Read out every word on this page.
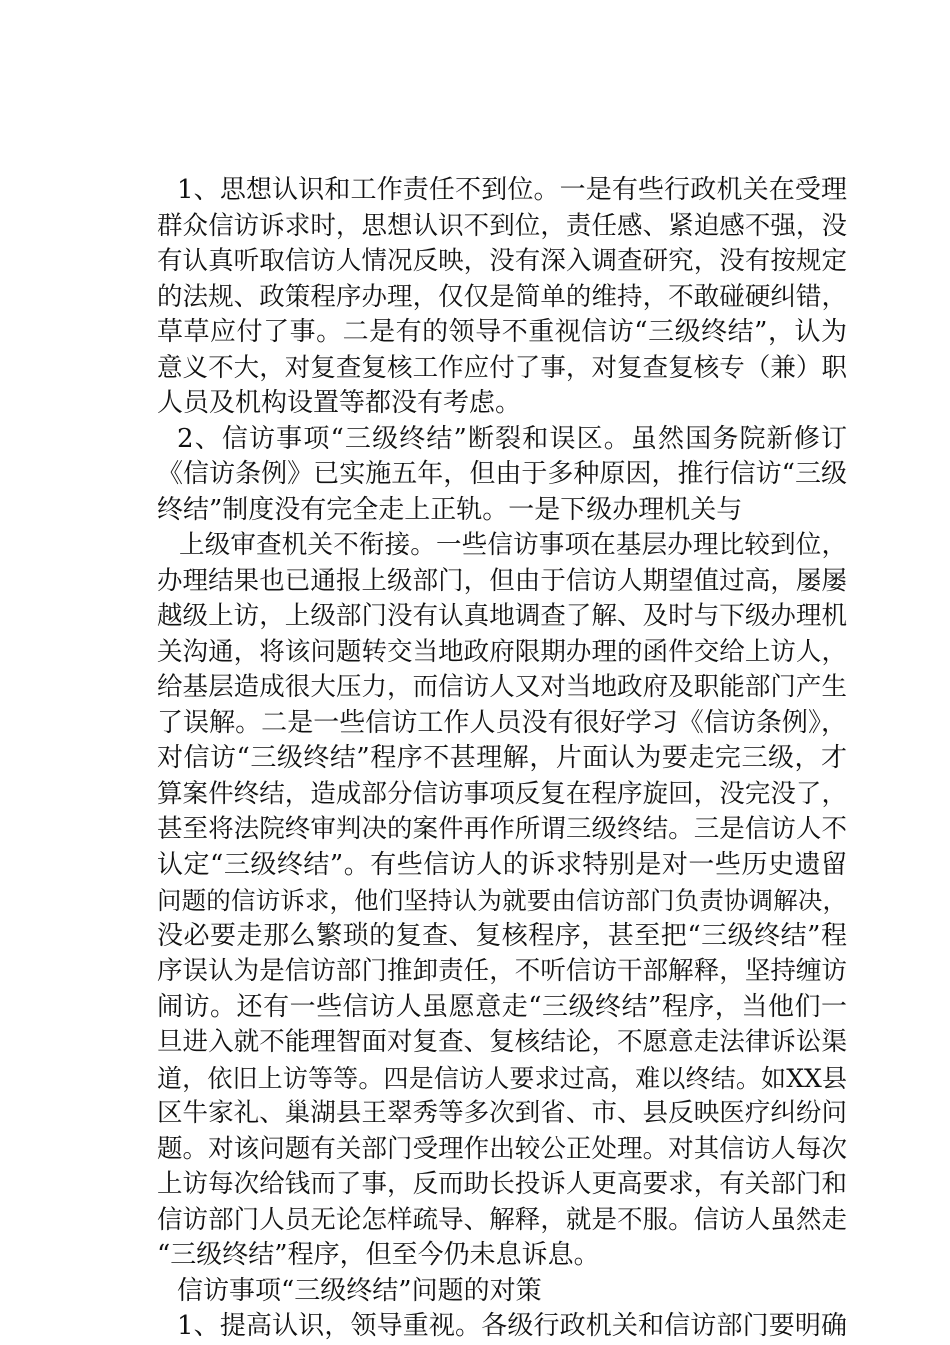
1、思想认识和工作责任不到位。一是有些行政机关在受理
群众信访诉求时，思想认识不到位，责任感、紧迫感不强，没
有认真听取信访人情况反映，没有深入调查研究，没有按规定
的法规、政策程序办理，仅仅是简单的维持，不敢碰硬纠错，
草草应付了事。二是有的领导不重视信访“三级终结”，认为
意义不大，对复查复核工作应付了事，对复查复核专（兼）职
人员及机构设置等都没有考虑。
2、信访事项“三级终结”断裂和误区。虽然国务院新修订
《信访条例》已实施五年，但由于多种原因，推行信访“三级
终结”制度没有完全走上正轨。一是下级办理机关与
上级审查机关不衔接。一些信访事项在基层办理比较到位，
办理结果也已通报上级部门，但由于信访人期望值过高，屡屡
越级上访，上级部门没有认真地调查了解、及时与下级办理机
关沟通，将该问题转交当地政府限期办理的函件交给上访人，
给基层造成很大压力，而信访人又对当地政府及职能部门产生
了误解。二是一些信访工作人员没有很好学习《信访条例》，
对信访“三级终结”程序不甚理解，片面认为要走完三级，才
算案件终结，造成部分信访事项反复在程序旋回，没完没了，
甚至将法院终审判决的案件再作所谓三级终结。三是信访人不
认定“三级终结”。有些信访人的诉求特别是对一些历史遗留
问题的信访诉求，他们坚持认为就要由信访部门负责协调解决，
没必要走那么繁琐的复查、复核程序，甚至把“三级终结”程
序误认为是信访部门推卸责任，不听信访干部解释，坚持缠访
闹访。还有一些信访人虽愿意走“三级终结”程序，当他们一
旦进入就不能理智面对复查、复核结论，不愿意走法律诉讼渠
道，依旧上访等等。四是信访人要求过高，难以终结。如XX县
区牛家礼、巢湖县王翠秀等多次到省、市、县反映医疗纠纷问
题。对该问题有关部门受理作出较公正处理。对其信访人每次
上访每次给钱而了事，反而助长投诉人更高要求，有关部门和
信访部门人员无论怎样疏导、解释，就是不服。信访人虽然走
“三级终结”程序，但至今仍未息诉息。
信访事项“三级终结”问题的对策
1、提高认识，领导重视。各级行政机关和信访部门要明确
